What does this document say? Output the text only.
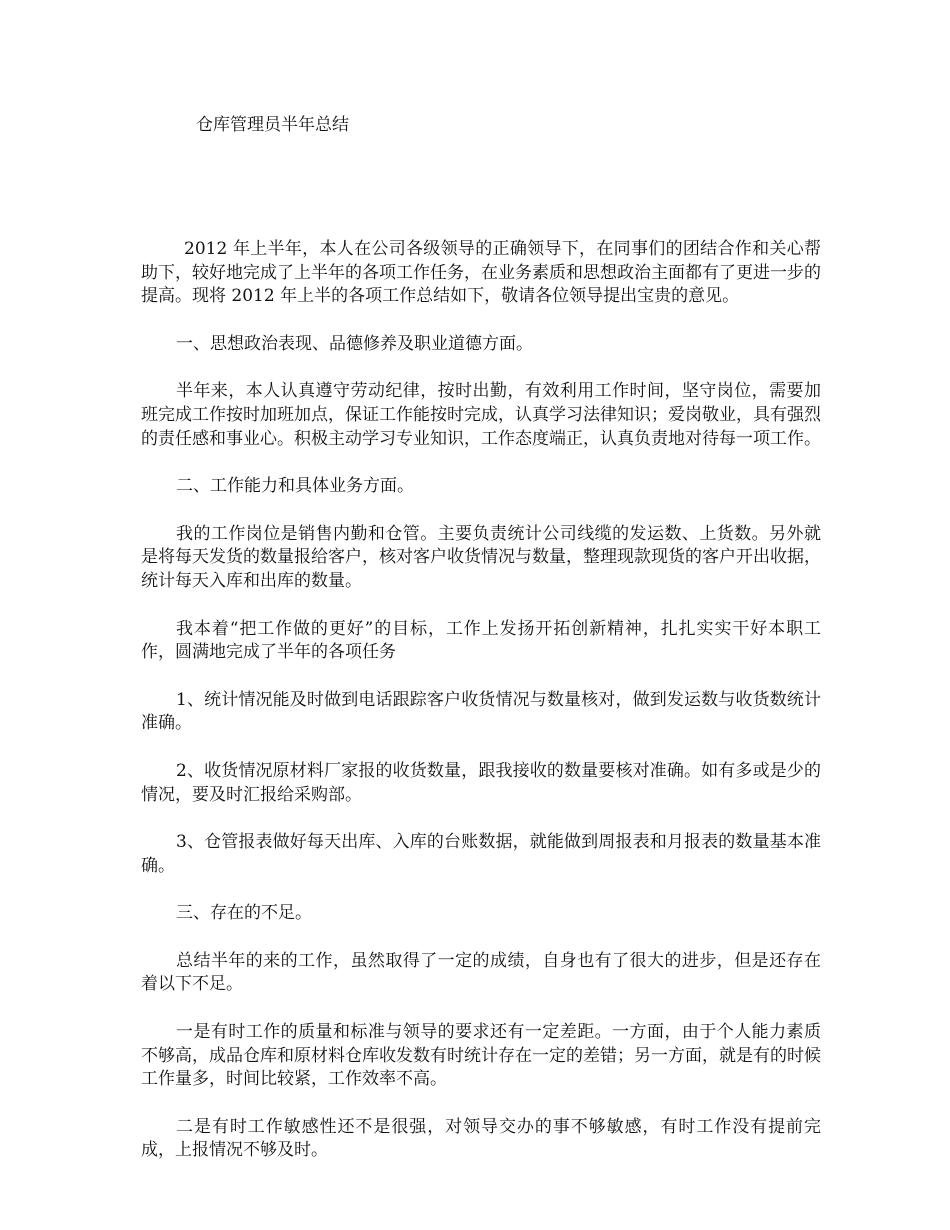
仓库管理员半年总结

2012 年上半年，本人在公司各级领导的正确领导下，在同事们的团结合作和关心帮助下，较好地完成了上半年的各项工作任务，在业务素质和思想政治主面都有了更进一步的提高。现将 2012 年上半的各项工作总结如下，敬请各位领导提出宝贵的意见。

一、思想政治表现、品德修养及职业道德方面。

半年来，本人认真遵守劳动纪律，按时出勤，有效利用工作时间，坚守岗位，需要加班完成工作按时加班加点，保证工作能按时完成，认真学习法律知识；爱岗敬业，具有强烈的责任感和事业心。积极主动学习专业知识，工作态度端正，认真负责地对待每一项工作。

二、工作能力和具体业务方面。

我的工作岗位是销售内勤和仓管。主要负责统计公司线缆的发运数、上货数。另外就是将每天发货的数量报给客户，核对客户收货情况与数量，整理现款现货的客户开出收据，统计每天入库和出库的数量。

我本着“把工作做的更好”的目标，工作上发扬开拓创新精神，扎扎实实干好本职工作，圆满地完成了半年的各项任务

1、统计情况能及时做到电话跟踪客户收货情况与数量核对，做到发运数与收货数统计准确。

2、收货情况原材料厂家报的收货数量，跟我接收的数量要核对准确。如有多或是少的情况，要及时汇报给采购部。

3、仓管报表做好每天出库、入库的台账数据，就能做到周报表和月报表的数量基本准确。

三、存在的不足。

总结半年的来的工作，虽然取得了一定的成绩，自身也有了很大的进步，但是还存在着以下不足。

一是有时工作的质量和标准与领导的要求还有一定差距。一方面，由于个人能力素质不够高，成品仓库和原材料仓库收发数有时统计存在一定的差错；另一方面，就是有的时候工作量多，时间比较紧，工作效率不高。

二是有时工作敏感性还不是很强，对领导交办的事不够敏感，有时工作没有提前完成，上报情况不够及时。
